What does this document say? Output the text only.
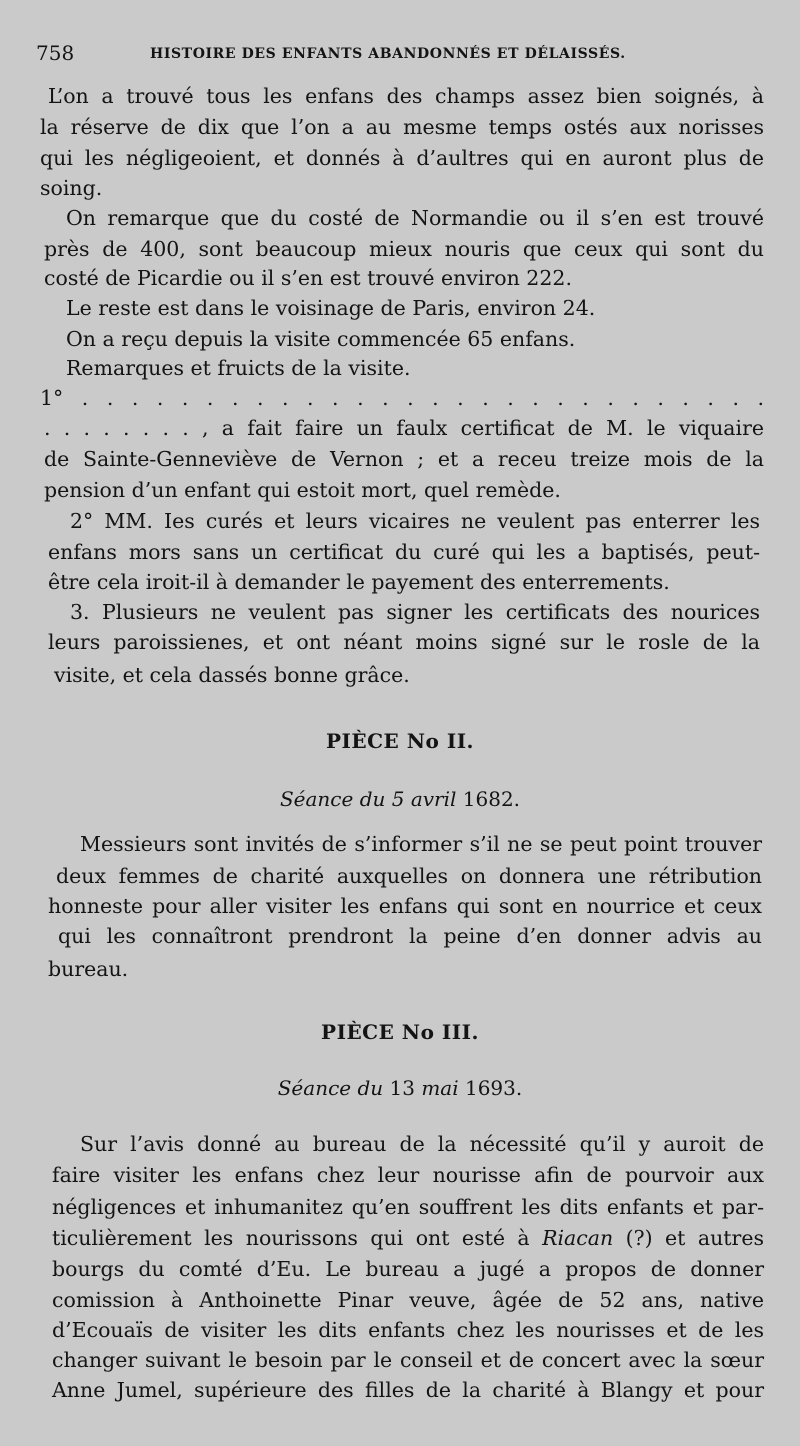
758	HISTOIRE DES ENFANTS ABANDONNÉS ET DÉLAISSÉS.
L’on a trouvé tous les enfans des champs assez bien soignés, à
la réserve de dix que l’on a au mesme temps ostés aux norisses
qui les négligeoient, et donnés à d’aultres qui en auront plus de
soing.
On remarque que du costé de Normandie ou il s’en est trouvé
près de 400, sont beaucoup mieux nouris que ceux qui sont du
costé de Picardie ou il s’en est trouvé environ 222.
Le reste est dans le voisinage de Paris, environ 24.
On a reçu depuis la visite commencée 65 enfans.
Remarques et fruicts de la visite.
1° . . . . . . . . . . . . . . . . . . . . . . . . . . . .
. . . . . . . . , a fait faire un faulx certificat de M. le viquaire
de Sainte-Gennevièvе de Vernon ; et a receu treize mois de la
pension d’un enfant qui estoit mort, quel remède.
2° MM. Ies curés et leurs vicaires ne veulent pas enterrer les
enfans mors sans un certificat du curé qui les a baptisés, peut-
être cela iroit-il à demander le payement des enterrements.
3. Plusieurs ne veulent pas signer les certificats des nourices
leurs paroissienes, et ont néant moins signé sur le rosle de la
visite, et cela dassés bonne grâce.
PIÈCE No II.
Séance du 5 avril 1682.
Messieurs sont invités de s’informer s’il ne se peut point trouver
deux femmes de charité auxquelles on donnera une rétribution
honneste pour aller visiter les enfans qui sont en nourrice et ceux
qui les connaîtront prendront la peine d’en donner advis au
bureau.
PIÈCE No III.
Séance du 13 mai 1693.
Sur l’avis donné au bureau de la nécessité qu’il y auroit de
faire visiter les enfans chez leur nourisse afin de pourvoir aux
négligences et inhumanitez qu’en souffrent les dits enfants et par-
ticulièrement les nourissons qui ont esté à Riacan (?) et autres
bourgs du comté d’Eu. Le bureau a jugé a propos de donner
comission à Anthoinette Pinar veuve, âgée de 52 ans, native
d’Ecouaïs de visiter les dits enfants chez les nourisses et de les
changer suivant le besoin par le conseil et de concert avec la sœur
Anne Jumel, supérieure des filles de la charité à Blangy et pour
